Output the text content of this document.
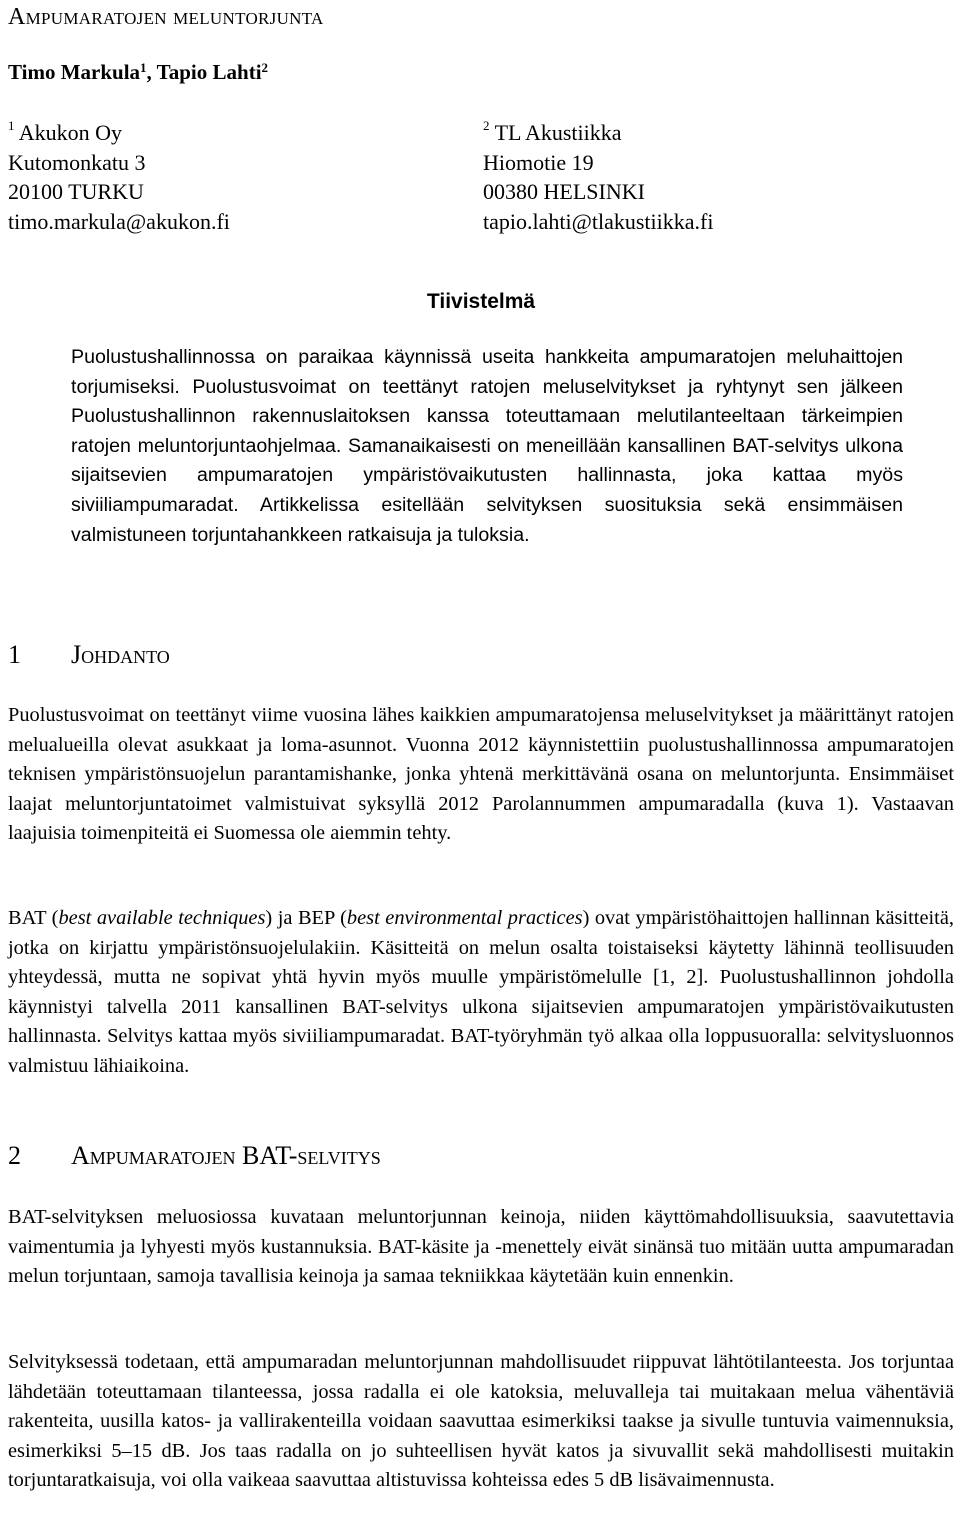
Ampumaratojen meluntorjunta

Timo Markula$^1$, Tapio Lahti$^2$

$^1$ Akukon Oy
Kutomonkatu 3
20100 TURKU
timo.markula@akukon.fi
$^2$ TL Akustiikka
Hiomotie 19
00380 HELSINKI
tapio.lahti@tlakustiikka.fi
Tiivistelmä

Puolustushallinnossa on paraikaa käynnissä useita hankkeita ampumaratojen meluhaittojen torjumiseksi. Puolustusvoimat on teettänyt ratojen meluselvitykset ja ryhtynyt sen jälkeen Puolustushallinnon rakennuslaitoksen kanssa toteuttamaan melutilanteeltaan tärkeimpien ratojen meluntorjuntaohjelmaa. Samanaikaisesti on meneillään kansallinen BAT-selvitys ulkona sijaitsevien ampumaratojen ympäristövaikutusten hallinnasta, joka kattaa myös siviiliampumaradat. Artikkelissa esitellään selvityksen suosituksia sekä ensimmäisen valmistuneen torjuntahankkeen ratkaisuja ja tuloksia.

1 Johdanto

Puolustusvoimat on teettänyt viime vuosina lähes kaikkien ampumaratojensa meluselvitykset ja määrittänyt ratojen melualueilla olevat asukkaat ja loma-asunnot. Vuonna 2012 käynnistettiin puolustushallinnossa ampumaratojen teknisen ympäristönsuojelun parantamishanke, jonka yhtenä merkittävänä osana on meluntorjunta. Ensimmäiset laajat meluntorjuntatoimet valmistuivat syksyllä 2012 Parolannummen ampumaradalla (kuva 1). Vastaavan laajuisia toimenpiteitä ei Suomessa ole aiemmin tehty.

BAT (best available techniques) ja BEP (best environmental practices) ovat ympäristöhaittojen hallinnan käsitteitä, jotka on kirjattu ympäristönsuojelulakiin. Käsitteitä on melun osalta toistaiseksi käytetty lähinnä teollisuuden yhteydessä, mutta ne sopivat yhtä hyvin myös muulle ympäristömelulle [1, 2]. Puolustushallinnon johdolla käynnistyi talvella 2011 kansallinen BAT-selvitys ulkona sijaitsevien ampumaratojen ympäristövaikutusten hallinnasta. Selvitys kattaa myös siviiliampumaradat. BAT-työryhmän työ alkaa olla loppusuoralla: selvitysluonnos valmistuu lähiaikoina.

2 Ampumaratojen BAT-selvitys

BAT-selvityksen meluosiossa kuvataan meluntorjunnan keinoja, niiden käyttömahdollisuuksia, saavutettavia vaimentumia ja lyhyesti myös kustannuksia. BAT-käsite ja -menettely eivät sinänsä tuo mitään uutta ampumaradan melun torjuntaan, samoja tavallisia keinoja ja samaa tekniikkaa käytetään kuin ennenkin.

Selvityksessä todetaan, että ampumaradan meluntorjunnan mahdollisuudet riippuvat lähtötilanteesta. Jos torjuntaa lähdetään toteuttamaan tilanteessa, jossa radalla ei ole katoksia, meluvalleja tai muitakaan melua vähentäviä rakenteita, uusilla katos- ja vallirakenteilla voidaan saavuttaa esimerkiksi taakse ja sivulle tuntuvia vaimennuksia, esimerkiksi 5–15 dB. Jos taas radalla on jo suhteellisen hyvät katos ja sivuvallit sekä mahdollisesti muitakin torjuntaratkaisuja, voi olla vaikeaa saavuttaa altistuvissa kohteissa edes 5 dB lisävaimennusta.
